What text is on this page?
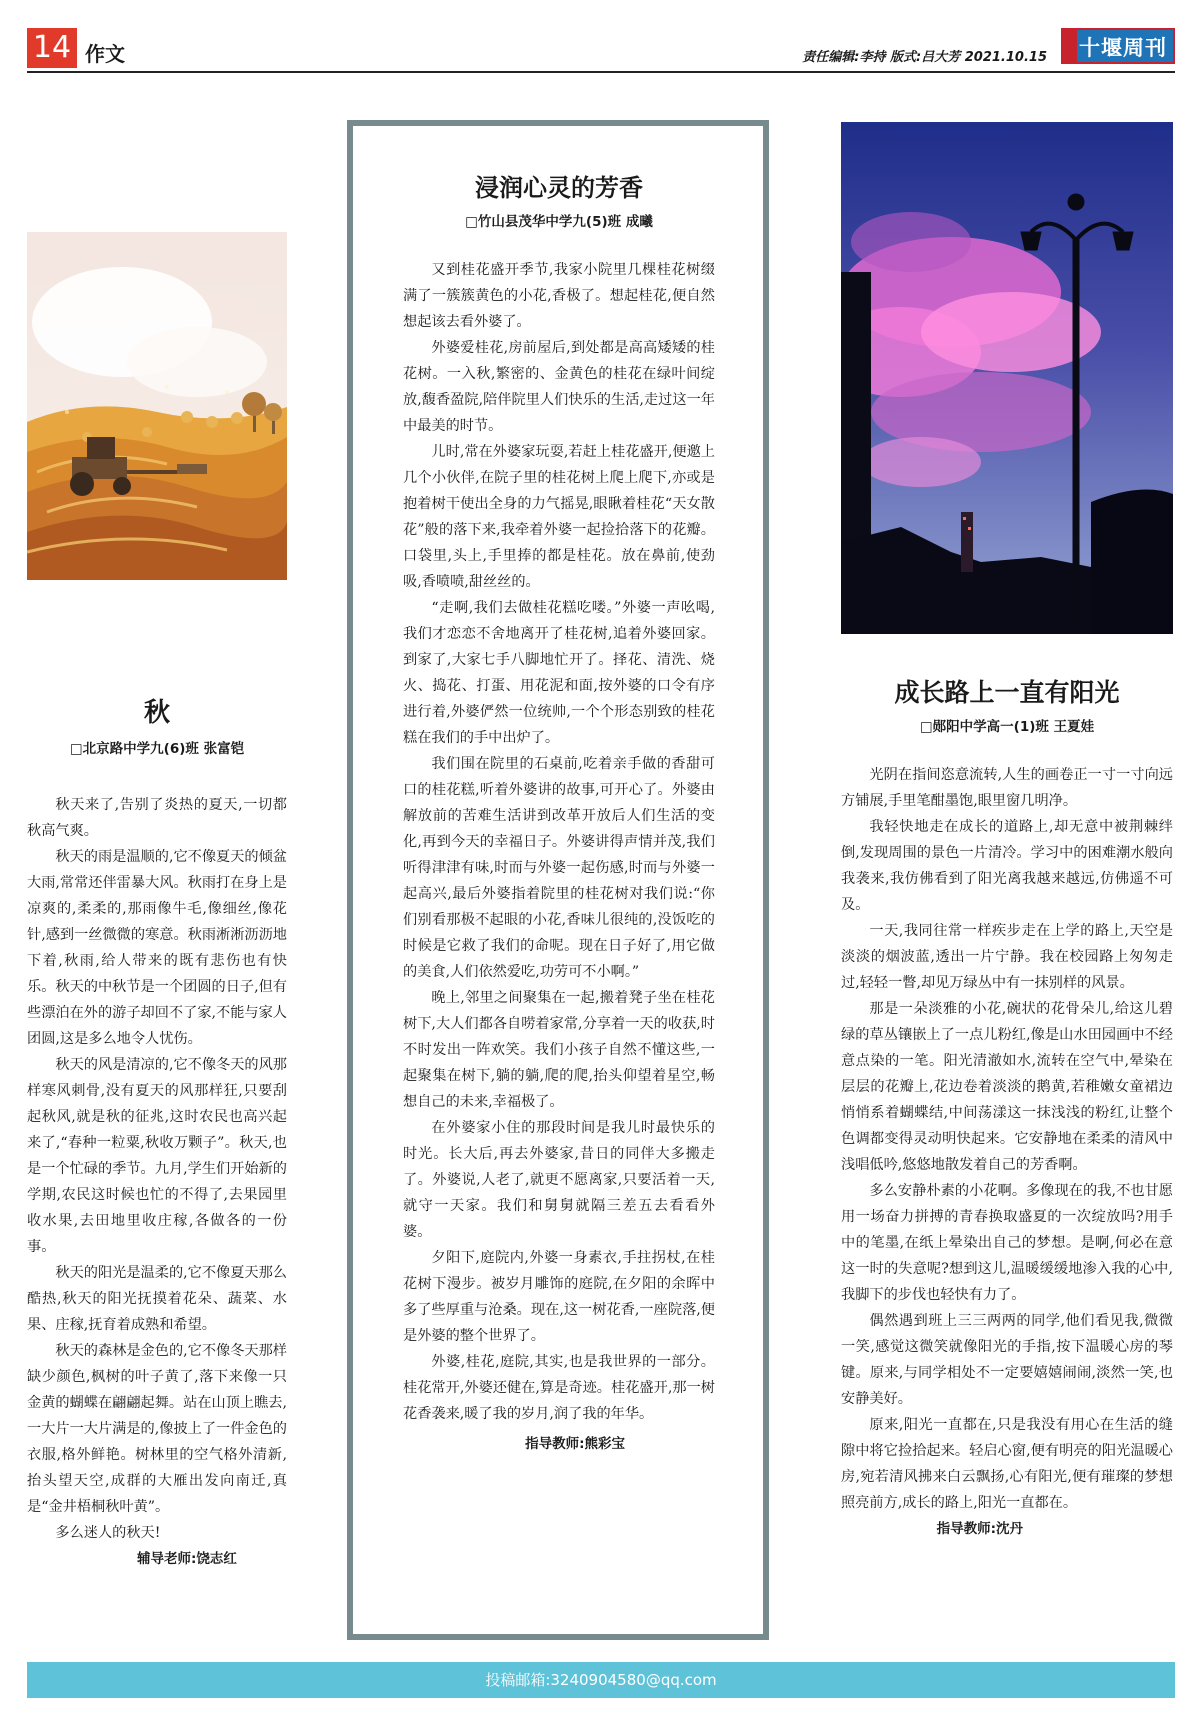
14 作文	责任编辑:李持 版式:吕大芳 2021.10.15 十堰周刊
秋
□北京路中学九(6)班 张富铠

秋天来了,告别了炎热的夏天,一切都秋高气爽。

秋天的雨是温顺的,它不像夏天的倾盆大雨,常常还伴雷暴大风。秋雨打在身上是凉爽的,柔柔的,那雨像牛毛,像细丝,像花针,感到一丝微微的寒意。秋雨淅淅沥沥地下着,秋雨,给人带来的既有悲伤也有快乐。秋天的中秋节是一个团圆的日子,但有些漂泊在外的游子却回不了家,不能与家人团圆,这是多么地令人忧伤。

秋天的风是清凉的,它不像冬天的风那样寒风刺骨,没有夏天的风那样狂,只要刮起秋风,就是秋的征兆,这时农民也高兴起来了,“春种一粒粟,秋收万颗子”。秋天,也是一个忙碌的季节。九月,学生们开始新的学期,农民这时候也忙的不得了,去果园里收水果,去田地里收庄稼,各做各的一份事。

秋天的阳光是温柔的,它不像夏天那么酷热,秋天的阳光抚摸着花朵、蔬菜、水果、庄稼,抚育着成熟和希望。

秋天的森林是金色的,它不像冬天那样缺少颜色,枫树的叶子黄了,落下来像一只金黄的蝴蝶在翩翩起舞。站在山顶上瞧去,一大片一大片满是的,像披上了一件金色的衣服,格外鲜艳。树林里的空气格外清新,抬头望天空,成群的大雁出发向南迁,真是“金井梧桐秋叶黄”。

多么迷人的秋天!

辅导老师:饶志红
浸润心灵的芳香
□竹山县茂华中学九(5)班 成曦

又到桂花盛开季节,我家小院里几棵桂花树缀满了一簇簇黄色的小花,香极了。想起桂花,便自然想起该去看外婆了。

外婆爱桂花,房前屋后,到处都是高高矮矮的桂花树。一入秋,繁密的、金黄色的桂花在绿叶间绽放,馥香盈院,陪伴院里人们快乐的生活,走过这一年中最美的时节。

儿时,常在外婆家玩耍,若赶上桂花盛开,便邀上几个小伙伴,在院子里的桂花树上爬上爬下,亦或是抱着树干使出全身的力气摇晃,眼瞅着桂花“天女散花”般的落下来,我牵着外婆一起捡拾落下的花瓣。口袋里,头上,手里捧的都是桂花。放在鼻前,使劲吸,香喷喷,甜丝丝的。

“走啊,我们去做桂花糕吃喽。”外婆一声吆喝,我们才恋恋不舍地离开了桂花树,追着外婆回家。到家了,大家七手八脚地忙开了。择花、清洗、烧火、捣花、打蛋、用花泥和面,按外婆的口令有序进行着,外婆俨然一位统帅,一个个形态别致的桂花糕在我们的手中出炉了。

我们围在院里的石桌前,吃着亲手做的香甜可口的桂花糕,听着外婆讲的故事,可开心了。外婆由解放前的苦难生活讲到改革开放后人们生活的变化,再到今天的幸福日子。外婆讲得声情并茂,我们听得津津有味,时而与外婆一起伤感,时而与外婆一起高兴,最后外婆指着院里的桂花树对我们说:“你们别看那极不起眼的小花,香味儿很纯的,没饭吃的时候是它救了我们的命呢。现在日子好了,用它做的美食,人们依然爱吃,功劳可不小啊。”

晚上,邻里之间聚集在一起,搬着凳子坐在桂花树下,大人们都各自唠着家常,分享着一天的收获,时不时发出一阵欢笑。我们小孩子自然不懂这些,一起聚集在树下,躺的躺,爬的爬,抬头仰望着星空,畅想自己的未来,幸福极了。

在外婆家小住的那段时间是我儿时最快乐的时光。长大后,再去外婆家,昔日的同伴大多搬走了。外婆说,人老了,就更不愿离家,只要活着一天,就守一天家。我们和舅舅就隔三差五去看看外婆。

夕阳下,庭院内,外婆一身素衣,手拄拐杖,在桂花树下漫步。被岁月雕饰的庭院,在夕阳的余晖中多了些厚重与沧桑。现在,这一树花香,一座院落,便是外婆的整个世界了。

外婆,桂花,庭院,其实,也是我世界的一部分。桂花常开,外婆还健在,算是奇迹。桂花盛开,那一树花香袭来,暖了我的岁月,润了我的年华。

指导教师:熊彩宝
成长路上一直有阳光
□郧阳中学高一(1)班 王夏娃

光阴在指间恣意流转,人生的画卷正一寸一寸向远方铺展,手里笔酣墨饱,眼里窗几明净。

我轻快地走在成长的道路上,却无意中被荆棘绊倒,发现周围的景色一片清冷。学习中的困难潮水般向我袭来,我仿佛看到了阳光离我越来越远,仿佛遥不可及。

一天,我同往常一样疾步走在上学的路上,天空是淡淡的烟波蓝,透出一片宁静。我在校园路上匆匆走过,轻轻一瞥,却见万绿丛中有一抹别样的风景。

那是一朵淡雅的小花,碗状的花骨朵儿,给这儿碧绿的草丛镶嵌上了一点儿粉红,像是山水田园画中不经意点染的一笔。阳光清澈如水,流转在空气中,晕染在层层的花瓣上,花边卷着淡淡的鹅黄,若稚嫩女童裙边悄悄系着蝴蝶结,中间荡漾这一抹浅浅的粉红,让整个色调都变得灵动明快起来。它安静地在柔柔的清风中浅唱低吟,悠悠地散发着自己的芳香啊。

多么安静朴素的小花啊。多像现在的我,不也甘愿用一场奋力拼搏的青春换取盛夏的一次绽放吗?用手中的笔墨,在纸上晕染出自己的梦想。是啊,何必在意这一时的失意呢?想到这儿,温暖缓缓地渗入我的心中,我脚下的步伐也轻快有力了。

偶然遇到班上三三两两的同学,他们看见我,微微一笑,感觉这微笑就像阳光的手指,按下温暖心房的琴键。原来,与同学相处不一定要嬉嬉闹闹,淡然一笑,也安静美好。

原来,阳光一直都在,只是我没有用心在生活的缝隙中将它捡拾起来。轻启心窗,便有明亮的阳光温暖心房,宛若清风拂来白云飘扬,心有阳光,便有璀璨的梦想照亮前方,成长的路上,阳光一直都在。

指导教师:沈丹
投稿邮箱:3240904580@qq.com
